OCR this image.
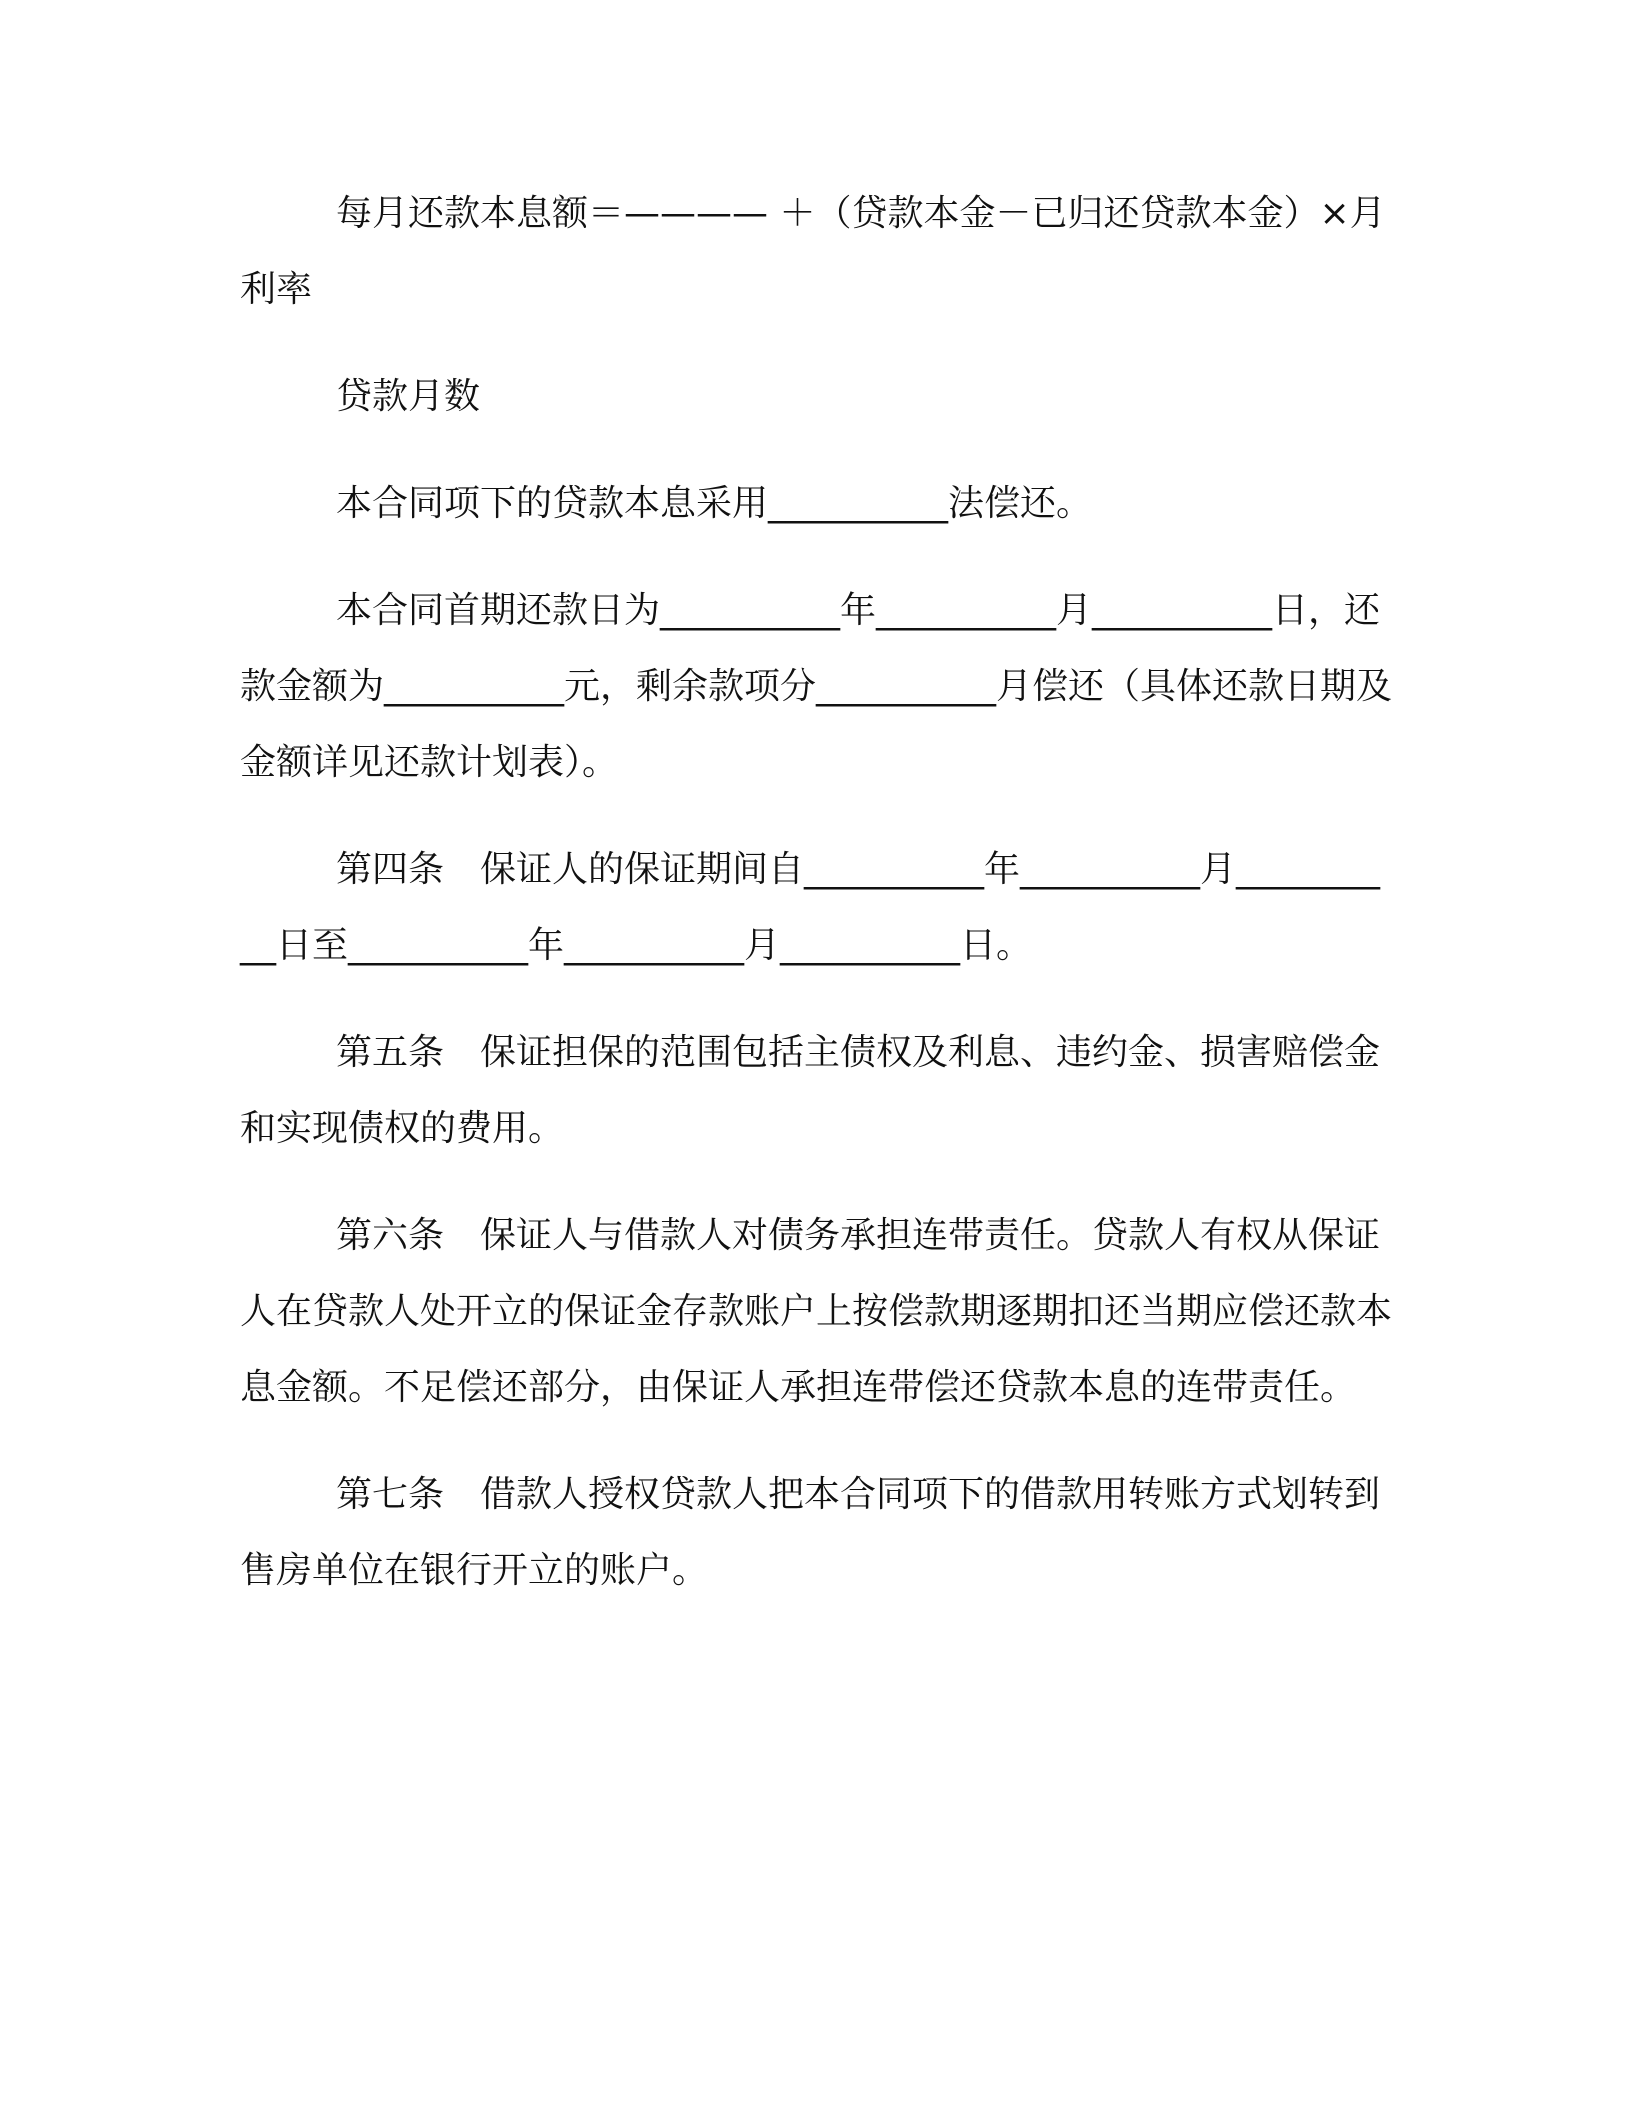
每月还款本息额＝———— ＋（贷款本金－已归还贷款本金）×月利率

贷款月数

本合同项下的贷款本息采用__________法偿还。

本合同首期还款日为__________年__________月__________日，还款金额为__________元，剩余款项分__________月偿还（具体还款日期及金额详见还款计划表）。

第四条　保证人的保证期间自__________年__________月__________日至__________年__________月__________日。

第五条　保证担保的范围包括主债权及利息、违约金、损害赔偿金和实现债权的费用。

第六条　保证人与借款人对债务承担连带责任。贷款人有权从保证人在贷款人处开立的保证金存款账户上按偿款期逐期扣还当期应偿还款本息金额。不足偿还部分，由保证人承担连带偿还贷款本息的连带责任。

第七条　借款人授权贷款人把本合同项下的借款用转账方式划转到售房单位在银行开立的账户。
